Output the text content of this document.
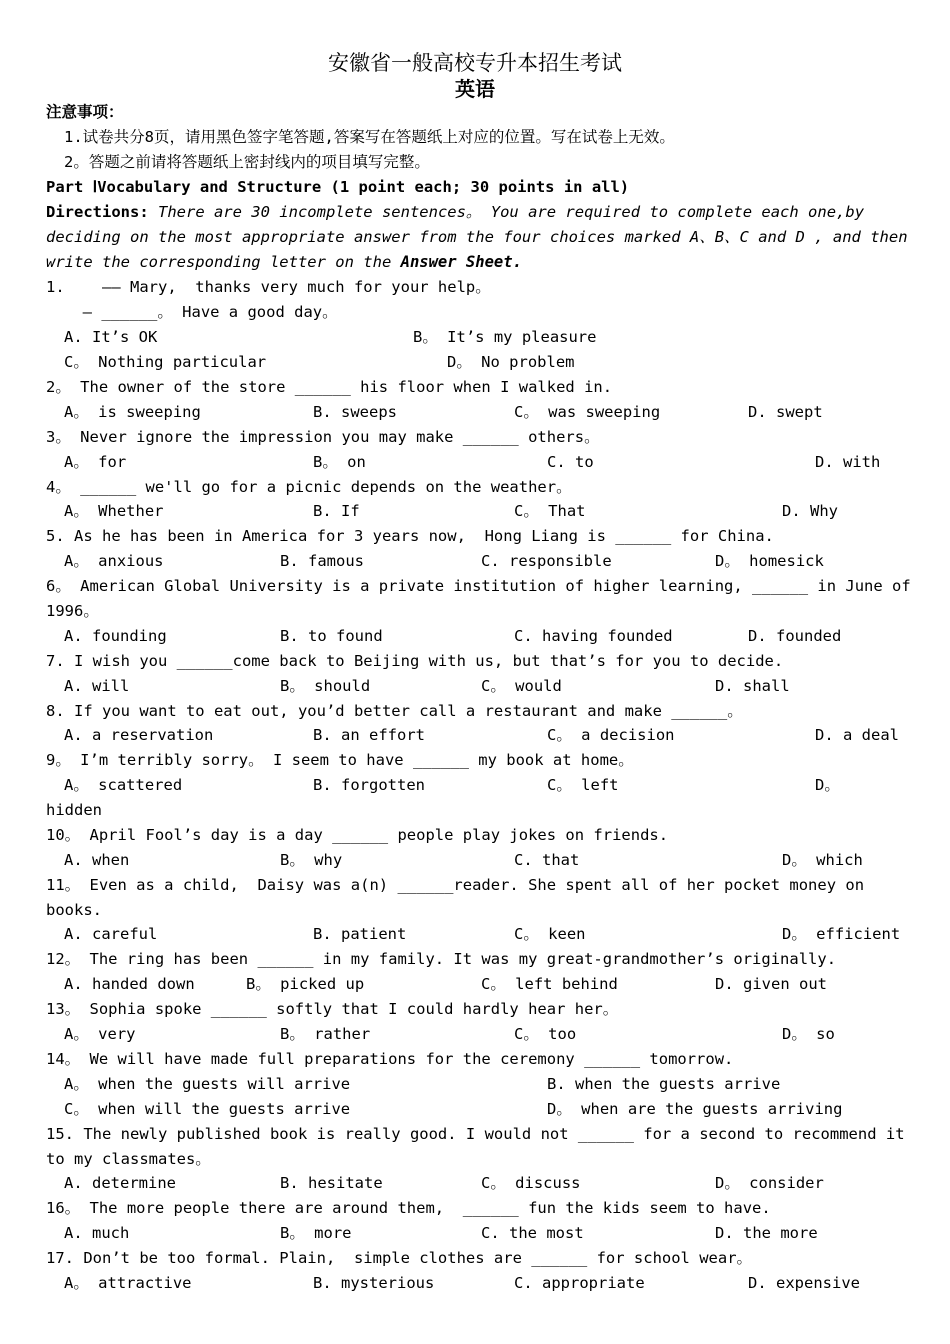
安徽省一般高校专升本招生考试
英语
注意事项：
1.试卷共分8页，请用黑色签字笔答题,答案写在答题纸上对应的位置。写在试卷上无效。
2。答题之前请将答题纸上密封线内的项目填写完整。
Part ⅠVocabulary and Structure (1 point each; 30 points in all)
Directions: There are 30 incomplete sentences。 You are required to complete each one,by
deciding on the most appropriate answer from the four choices marked A、B、C and D , and then
write the corresponding letter on the Answer Sheet.
1.    —— Mary,  thanks very much for your help。
— ______。 Have a good day。
A. It’s OK	B。 It’s my pleasure
C。 Nothing particular	D。 No problem
2。 The owner of the store ______ his floor when I walked in.
A。 is sweeping	B. sweeps	C。 was sweeping	D. swept
3。 Never ignore the impression you may make ______ others。
A。 for	B。 on	C. to	D. with
4。 ______ we'll go for a picnic depends on the weather。
A。 Whether	B. If	C。 That	D. Why
5. As he has been in America for 3 years now,  Hong Liang is ______ for China.
A。 anxious	B. famous	C. responsible	D。 homesick
6。 American Global University is a private institution of higher learning, ______ in June of
1996。
A. founding	B. to found	C. having founded	D. founded
7. I wish you ______come back to Beijing with us, but that’s for you to decide.
A. will	B。 should	C。 would	D. shall
8. If you want to eat out, you’d better call a restaurant and make ______。
A. a reservation	B. an effort	C。 a decision	D. a deal
9。 I’m terribly sorry。 I seem to have ______ my book at home。
A。 scattered	B. forgotten	C。 left	D。
hidden
10。 April Fool’s day is a day ______ people play jokes on friends.
A. when	B。 why	C. that	D。 which
11。 Even as a child,  Daisy was a(n) ______reader. She spent all of her pocket money on
books.
A. careful	B. patient	C。 keen	D。 efficient
12。 The ring has been ______ in my family. It was my great-grandmother’s originally.
A. handed down	B。 picked up	C。 left behind	D. given out
13。 Sophia spoke ______ softly that I could hardly hear her。
A。 very	B。 rather	C。 too	D。 so
14。 We will have made full preparations for the ceremony ______ tomorrow.
A。 when the guests will arrive	B. when the guests arrive
C。 when will the guests arrive	D。 when are the guests arriving
15. The newly published book is really good. I would not ______ for a second to recommend it
to my classmates。
A. determine	B. hesitate	C。 discuss	D。 consider
16。 The more people there are around them,  ______ fun the kids seem to have.
A. much	B。 more	C. the most	D. the more
17. Don’t be too formal. Plain,  simple clothes are ______ for school wear。
A。 attractive	B. mysterious	C. appropriate	D. expensive
